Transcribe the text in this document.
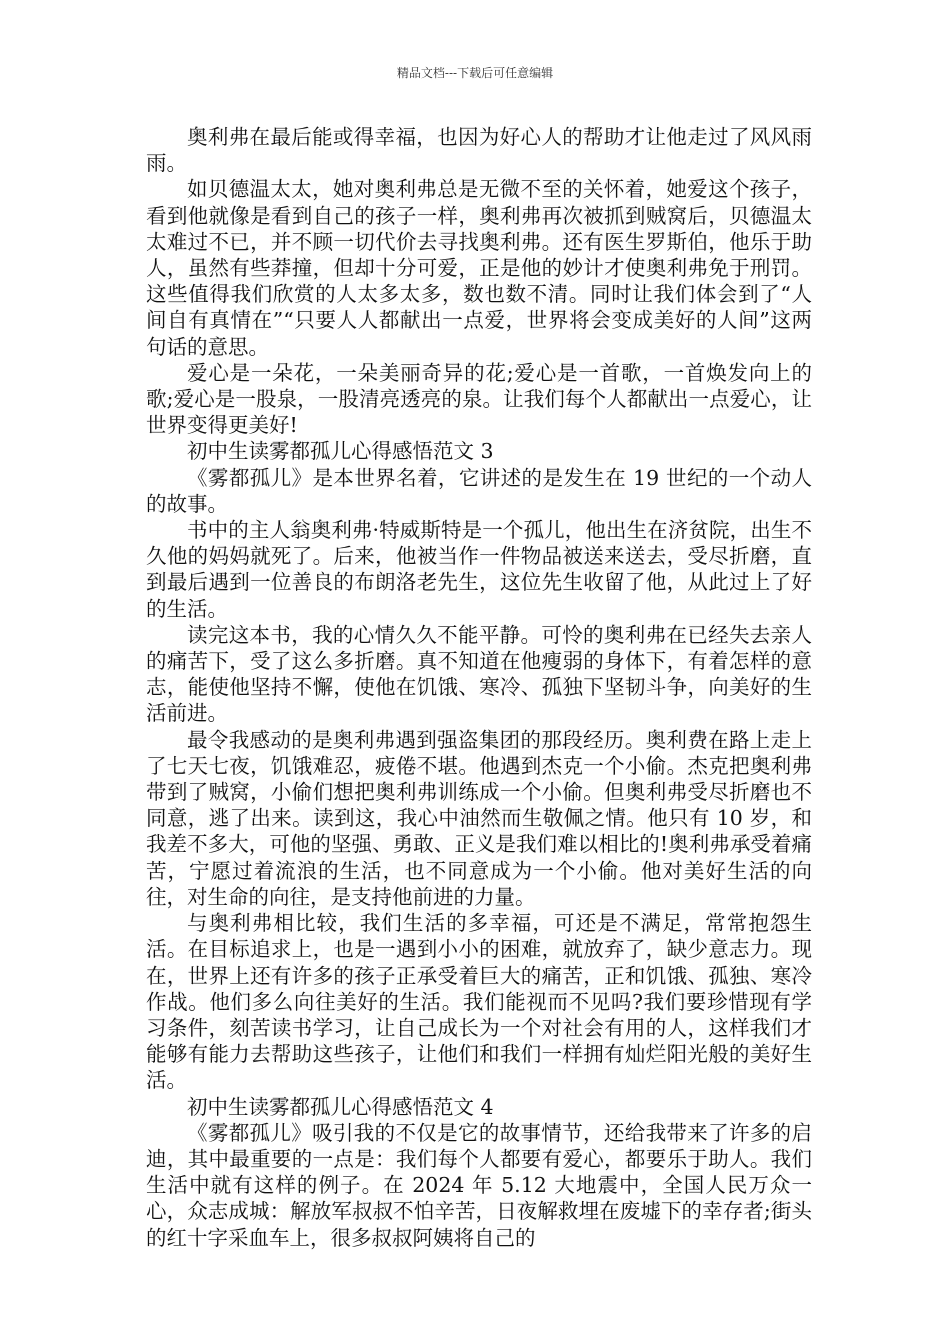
精品文档---下载后可任意编辑

奥利弗在最后能或得幸福，也因为好心人的帮助才让他走过了风风雨雨。

如贝德温太太，她对奥利弗总是无微不至的关怀着，她爱这个孩子，看到他就像是看到自己的孩子一样，奥利弗再次被抓到贼窝后，贝德温太太难过不已，并不顾一切代价去寻找奥利弗。还有医生罗斯伯，他乐于助人，虽然有些莽撞，但却十分可爱，正是他的妙计才使奥利弗免于刑罚。这些值得我们欣赏的人太多太多，数也数不清。同时让我们体会到了“人间自有真情在”“只要人人都献出一点爱，世界将会变成美好的人间”这两句话的意思。

爱心是一朵花，一朵美丽奇异的花;爱心是一首歌，一首焕发向上的歌;爱心是一股泉，一股清亮透亮的泉。让我们每个人都献出一点爱心，让世界变得更美好!

初中生读雾都孤儿心得感悟范文 3

《雾都孤儿》是本世界名着，它讲述的是发生在 19 世纪的一个动人的故事。

书中的主人翁奥利弗·特威斯特是一个孤儿，他出生在济贫院，出生不久他的妈妈就死了。后来，他被当作一件物品被送来送去，受尽折磨，直到最后遇到一位善良的布朗洛老先生，这位先生收留了他，从此过上了好的生活。

读完这本书，我的心情久久不能平静。可怜的奥利弗在已经失去亲人的痛苦下，受了这么多折磨。真不知道在他瘦弱的身体下，有着怎样的意志，能使他坚持不懈，使他在饥饿、寒冷、孤独下坚韧斗争，向美好的生活前进。

最令我感动的是奥利弗遇到强盗集团的那段经历。奥利费在路上走上了七天七夜，饥饿难忍，疲倦不堪。他遇到杰克一个小偷。杰克把奥利弗带到了贼窝，小偷们想把奥利弗训练成一个小偷。但奥利弗受尽折磨也不同意，逃了出来。读到这，我心中油然而生敬佩之情。他只有 10 岁，和我差不多大，可他的坚强、勇敢、正义是我们难以相比的!奥利弗承受着痛苦，宁愿过着流浪的生活，也不同意成为一个小偷。他对美好生活的向往，对生命的向往，是支持他前进的力量。

与奥利弗相比较，我们生活的多幸福，可还是不满足，常常抱怨生活。在目标追求上，也是一遇到小小的困难，就放弃了，缺少意志力。现在，世界上还有许多的孩子正承受着巨大的痛苦，正和饥饿、孤独、寒冷作战。他们多么向往美好的生活。我们能视而不见吗?我们要珍惜现有学习条件，刻苦读书学习，让自己成长为一个对社会有用的人，这样我们才能够有能力去帮助这些孩子，让他们和我们一样拥有灿烂阳光般的美好生活。

初中生读雾都孤儿心得感悟范文 4

《雾都孤儿》吸引我的不仅是它的故事情节，还给我带来了许多的启迪，其中最重要的一点是：我们每个人都要有爱心，都要乐于助人。我们生活中就有这样的例子。在 2024 年 5.12 大地震中，全国人民万众一心，众志成城：解放军叔叔不怕辛苦，日夜解救埋在废墟下的幸存者;街头的红十字采血车上，很多叔叔阿姨将自己的
